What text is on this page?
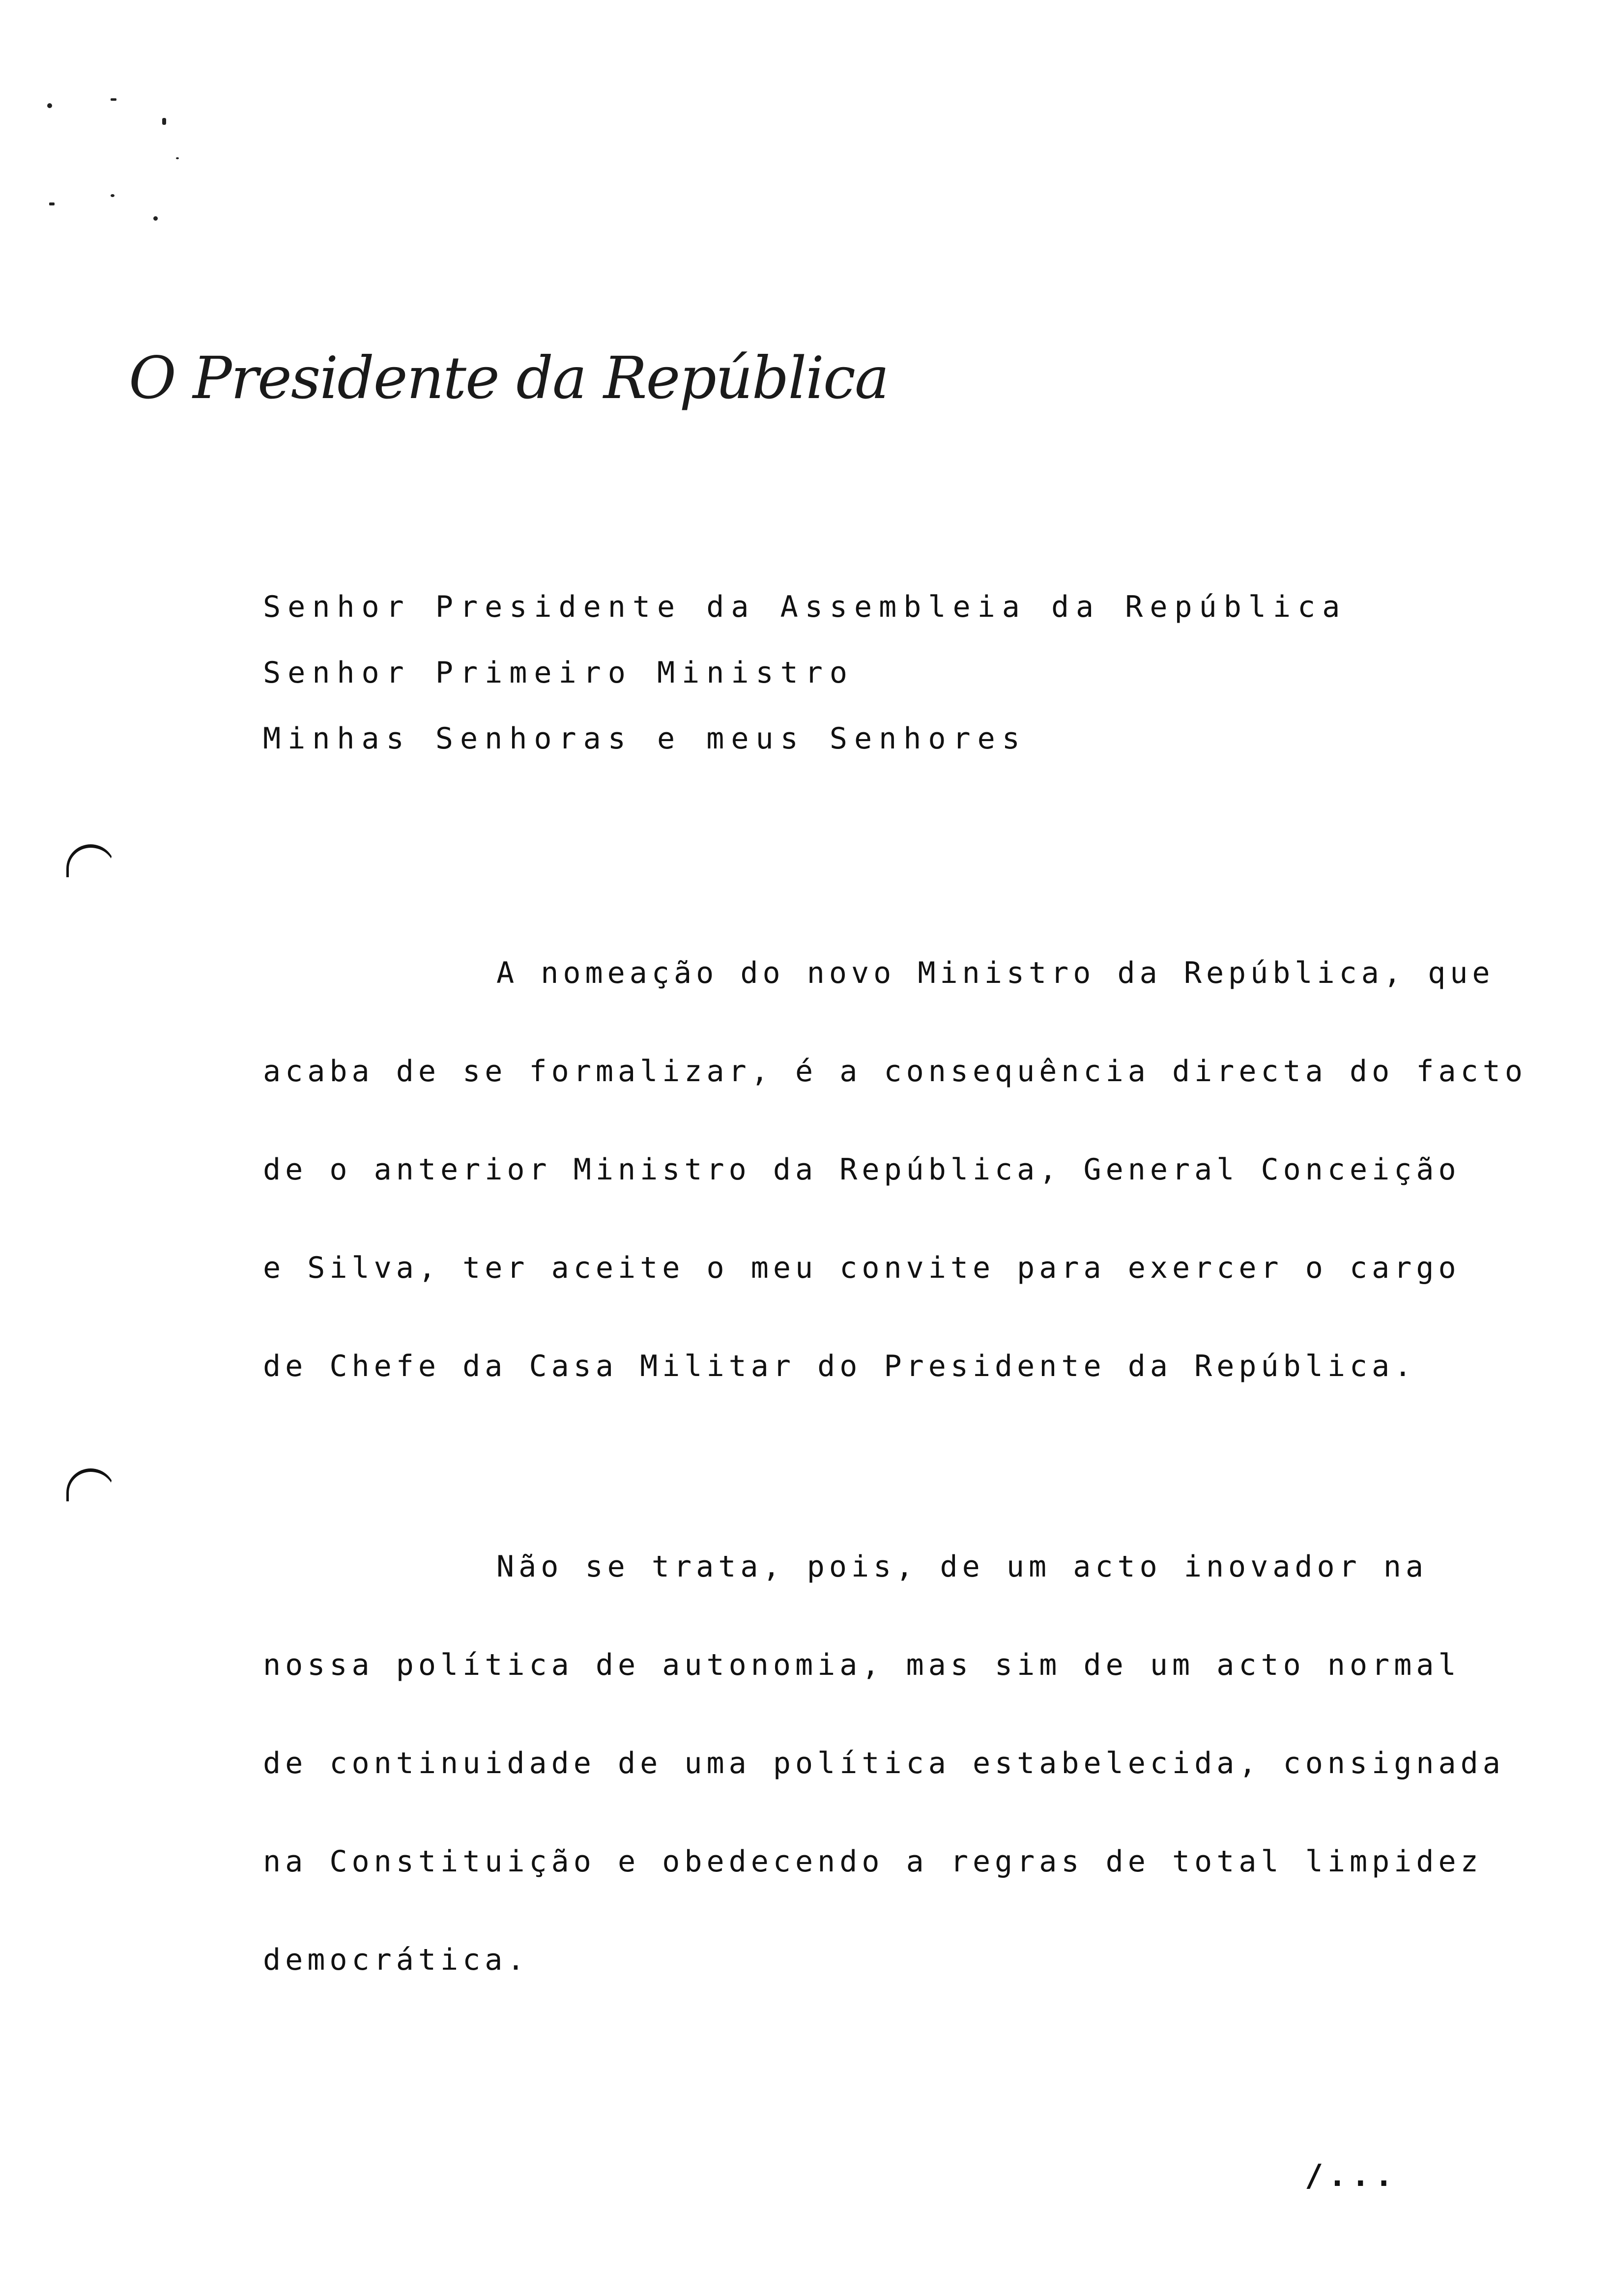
O Presidente da República
Senhor Presidente da Assembleia da República
Senhor Primeiro Ministro
Minhas Senhoras e meus Senhores
A nomeação do novo Ministro da República, que
acaba de se formalizar, é a consequência directa do facto
de o anterior Ministro da República, General Conceição
e Silva, ter aceite o meu convite para exercer o cargo
de Chefe da Casa Militar do Presidente da República.
Não se trata, pois, de um acto inovador na
nossa política de autonomia, mas sim de um acto normal
de continuidade de uma política estabelecida, consignada
na Constituição e obedecendo a regras de total limpidez
democrática.
/...
